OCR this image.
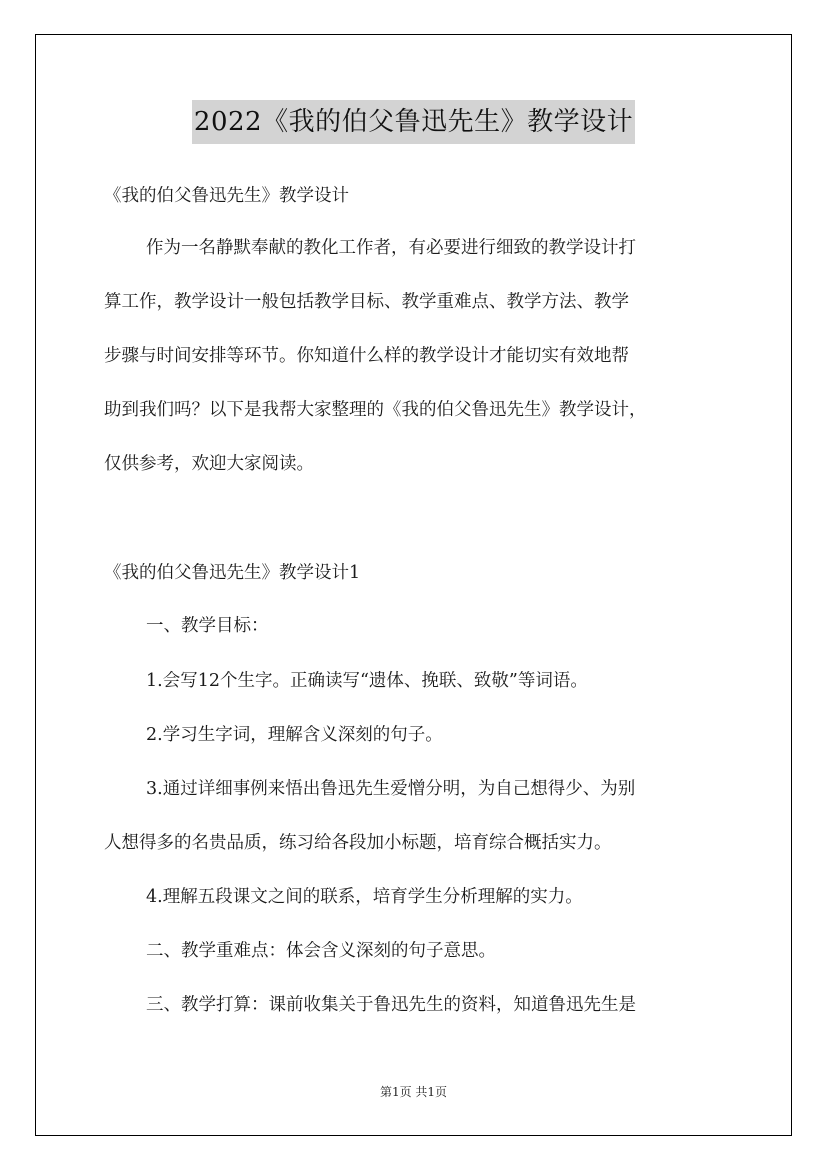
2022《我的伯父鲁迅先生》教学设计
《我的伯父鲁迅先生》教学设计
作为一名静默奉献的教化工作者，有必要进行细致的教学设计打
算工作，教学设计一般包括教学目标、教学重难点、教学方法、教学
步骤与时间安排等环节。你知道什么样的教学设计才能切实有效地帮
助到我们吗？以下是我帮大家整理的《我的伯父鲁迅先生》教学设计，
仅供参考，欢迎大家阅读。
《我的伯父鲁迅先生》教学设计1
一、教学目标：
1.会写12个生字。正确读写“遗体、挽联、致敬”等词语。
2.学习生字词，理解含义深刻的句子。
3.通过详细事例来悟出鲁迅先生爱憎分明，为自己想得少、为别
人想得多的名贵品质，练习给各段加小标题，培育综合概括实力。
4.理解五段课文之间的联系，培育学生分析理解的实力。
二、教学重难点：体会含义深刻的句子意思。
三、教学打算：课前收集关于鲁迅先生的资料，知道鲁迅先生是
第1页 共1页
